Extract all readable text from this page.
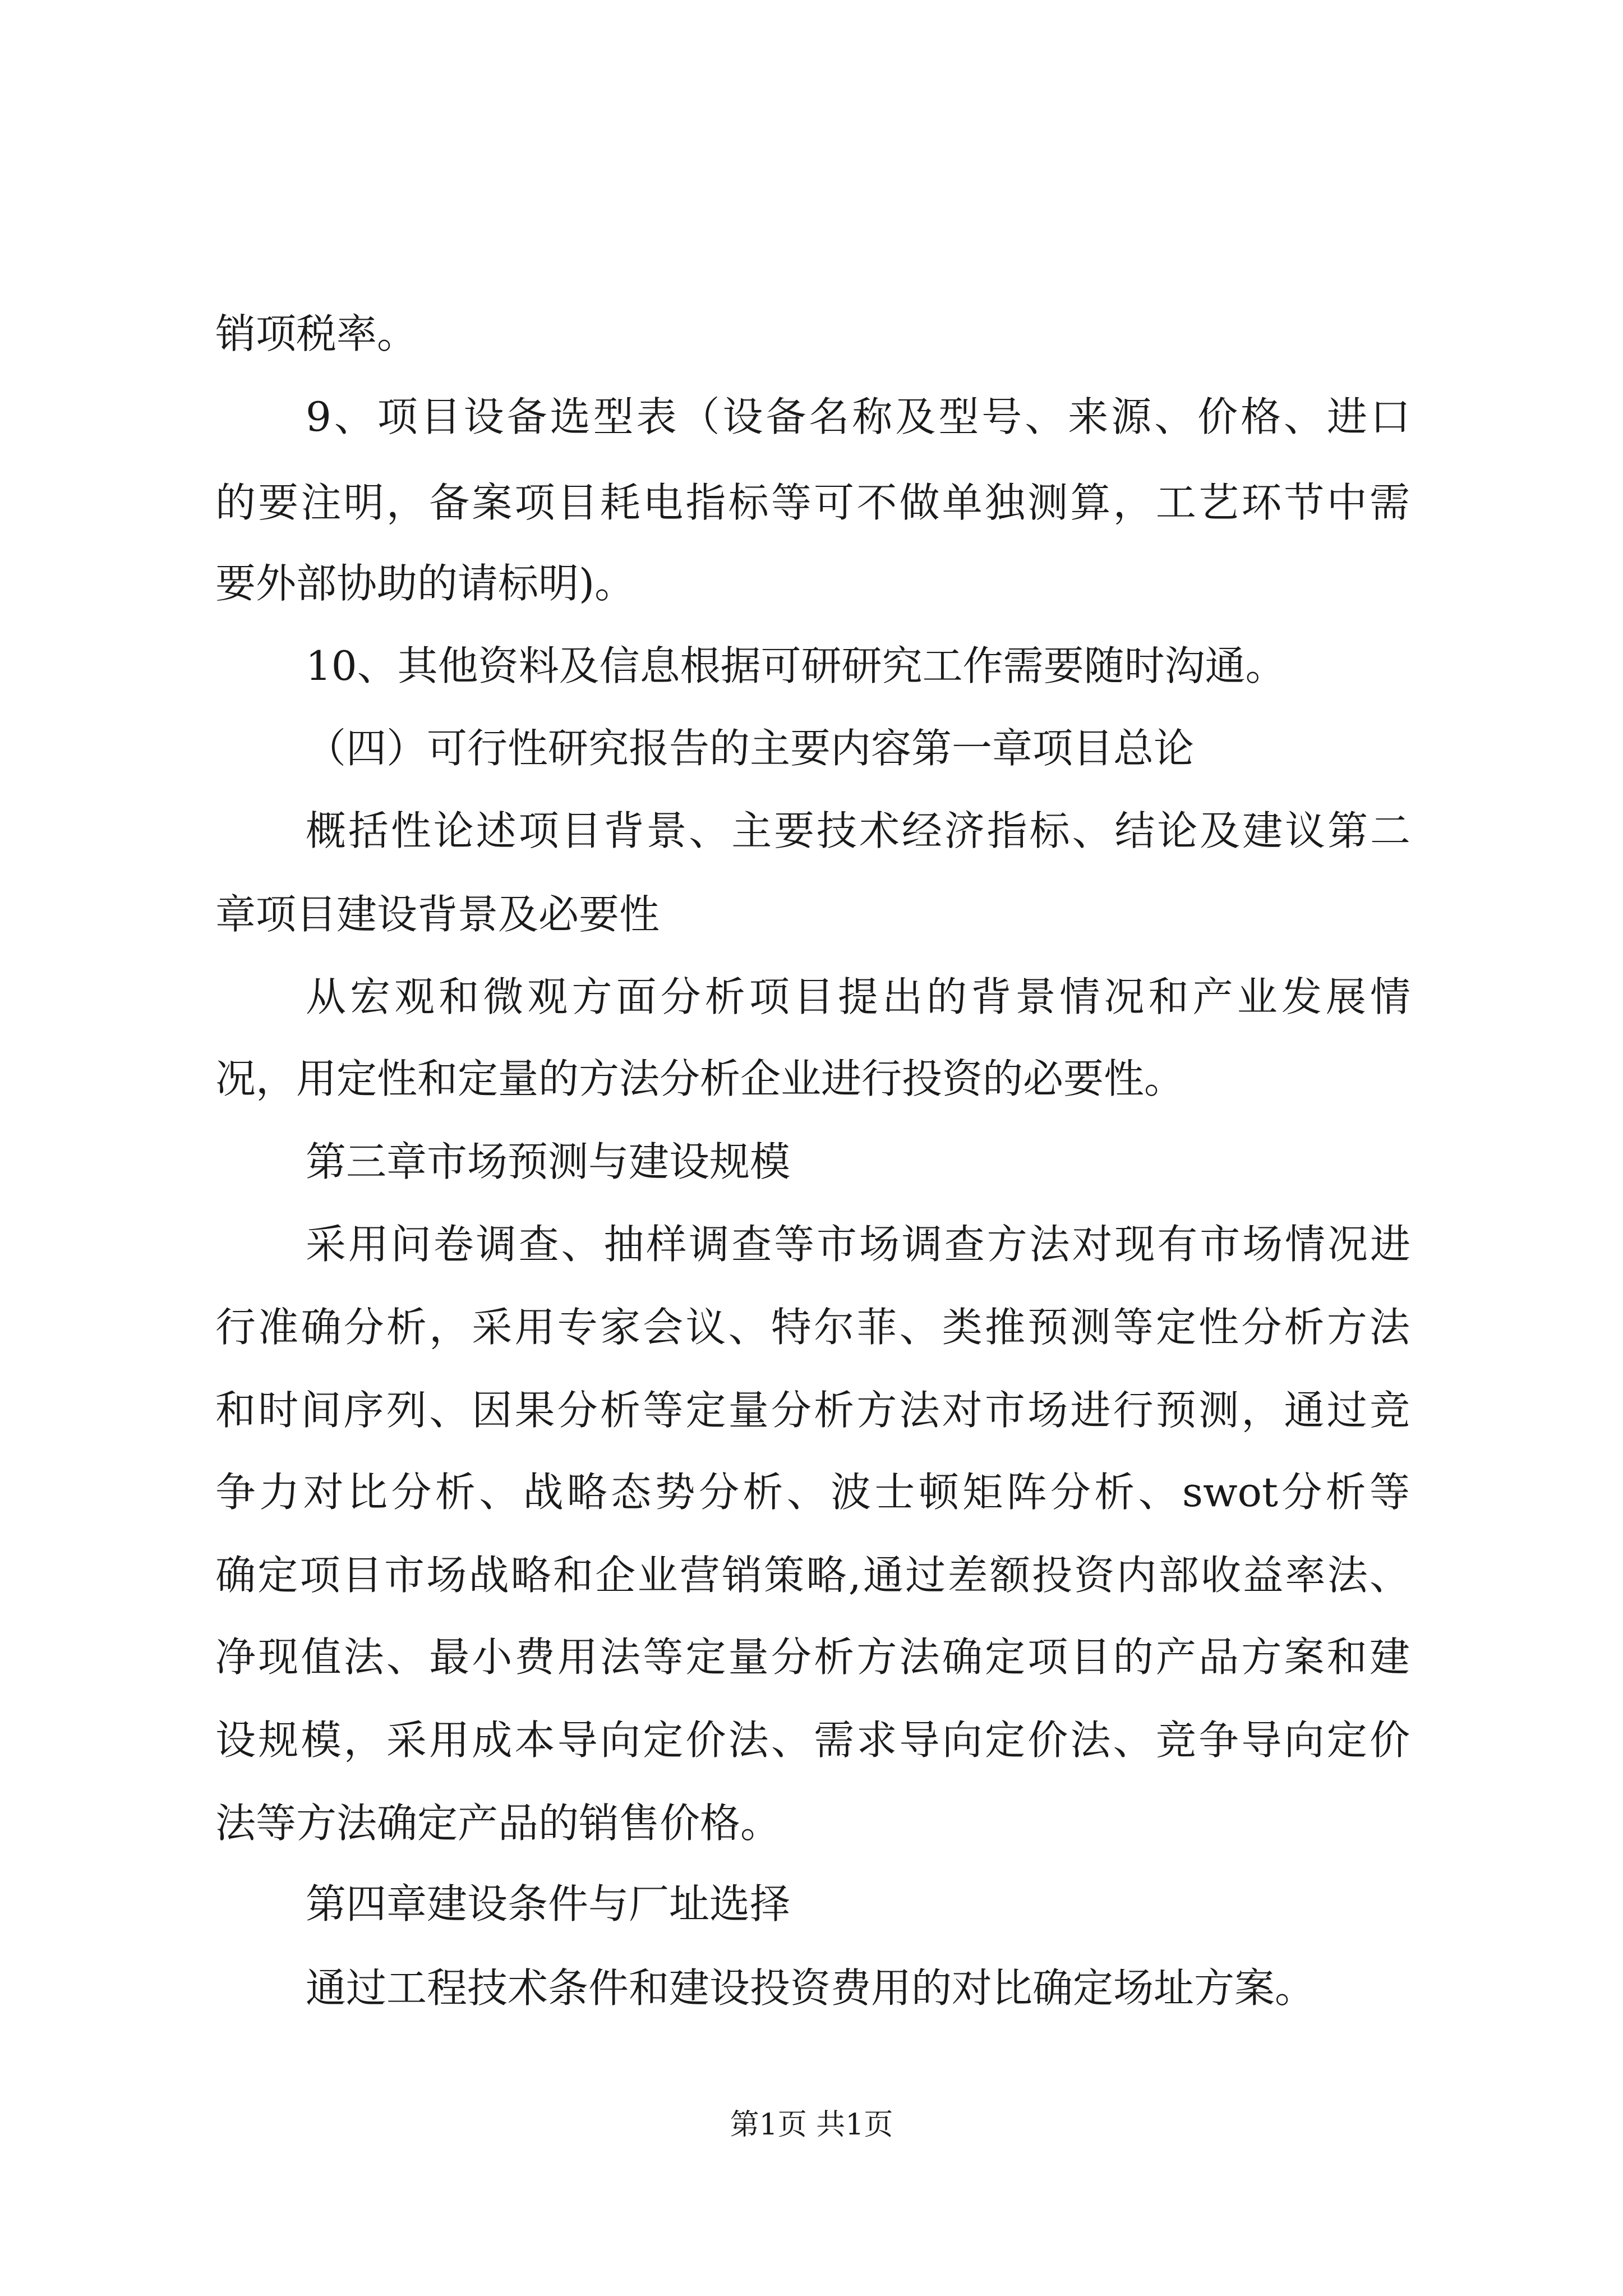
销项税率。

9、项目设备选型表（设备名称及型号、来源、价格、进口

的要注明，备案项目耗电指标等可不做单独测算，工艺环节中需

要外部协助的请标明)。

10、其他资料及信息根据可研研究工作需要随时沟通。

（四）可行性研究报告的主要内容第一章项目总论

概括性论述项目背景、主要技术经济指标、结论及建议第二

章项目建设背景及必要性

从宏观和微观方面分析项目提出的背景情况和产业发展情

况，用定性和定量的方法分析企业进行投资的必要性。

第三章市场预测与建设规模

采用问卷调查、抽样调查等市场调查方法对现有市场情况进

行准确分析，采用专家会议、特尔菲、类推预测等定性分析方法

和时间序列、因果分析等定量分析方法对市场进行预测，通过竞

争力对比分析、战略态势分析、波士顿矩阵分析、swot分析等

确定项目市场战略和企业营销策略,通过差额投资内部收益率法、

净现值法、最小费用法等定量分析方法确定项目的产品方案和建

设规模，采用成本导向定价法、需求导向定价法、竞争导向定价

法等方法确定产品的销售价格。

第四章建设条件与厂址选择

通过工程技术条件和建设投资费用的对比确定场址方案。

第1页 共1页
